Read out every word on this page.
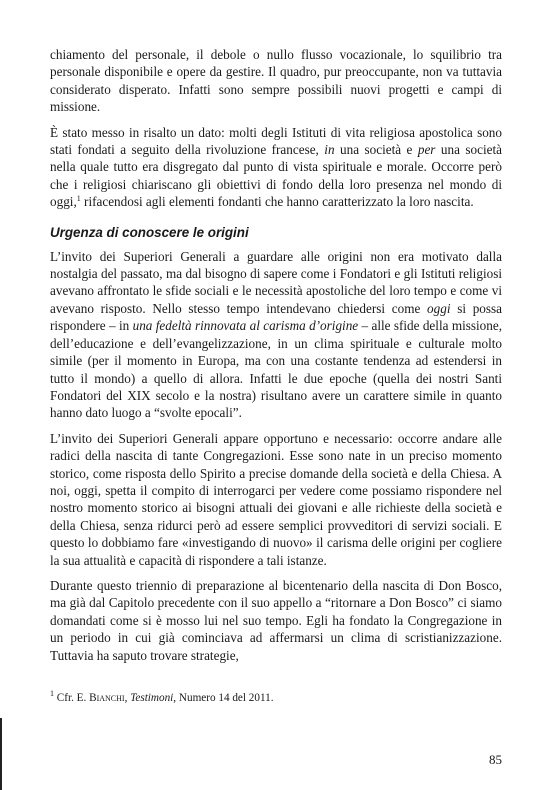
chiamento del personale, il debole o nullo flusso vocazionale, lo squilibrio tra personale disponibile e opere da gestire. Il quadro, pur preoccupante, non va tuttavia considerato disperato. Infatti sono sempre possibili nuovi progetti e campi di missione.

È stato messo in risalto un dato: molti degli Istituti di vita religiosa apostolica sono stati fondati a seguito della rivoluzione francese, in una società e per una società nella quale tutto era disgregato dal punto di vista spirituale e morale. Occorre però che i religiosi chiariscano gli obiettivi di fondo della loro presenza nel mondo di oggi,$^1$ rifacendosi agli elementi fondanti che hanno caratterizzato la loro nascita.

Urgenza di conoscere le origini

L’invito dei Superiori Generali a guardare alle origini non era motivato dalla nostalgia del passato, ma dal bisogno di sapere come i Fondatori e gli Istituti religiosi avevano affrontato le sfide sociali e le necessità apostoliche del loro tempo e come vi avevano risposto. Nello stesso tempo intendevano chiedersi come oggi si possa rispondere – in una fedeltà rinnovata al carisma d’origine – alle sfide della missione, dell’educazione e dell’evangelizzazione, in un clima spirituale e culturale molto simile (per il momento in Europa, ma con una costante tendenza ad estendersi in tutto il mondo) a quello di allora. Infatti le due epoche (quella dei nostri Santi Fondatori del XIX secolo e la nostra) risultano avere un carattere simile in quanto hanno dato luogo a “svolte epocali”.

L’invito dei Superiori Generali appare opportuno e necessario: occorre andare alle radici della nascita di tante Congregazioni. Esse sono nate in un preciso momento storico, come risposta dello Spirito a precise domande della società e della Chiesa. A noi, oggi, spetta il compito di interrogarci per vedere come possiamo rispondere nel nostro momento storico ai bisogni attuali dei giovani e alle richieste della società e della Chiesa, senza ridurci però ad essere semplici provveditori di servizi sociali. E questo lo dobbiamo fare «investigando di nuovo» il carisma delle origini per cogliere la sua attualità e capacità di rispondere a tali istanze.

Durante questo triennio di preparazione al bicentenario della nascita di Don Bosco, ma già dal Capitolo precedente con il suo appello a “ritornare a Don Bosco” ci siamo domandati come si è mosso lui nel suo tempo. Egli ha fondato la Congregazione in un periodo in cui già cominciava ad affermarsi un clima di scristianizzazione. Tuttavia ha saputo trovare strategie,

$^1$ Cfr. E. Bianchi, Testimoni, Numero 14 del 2011.

85
